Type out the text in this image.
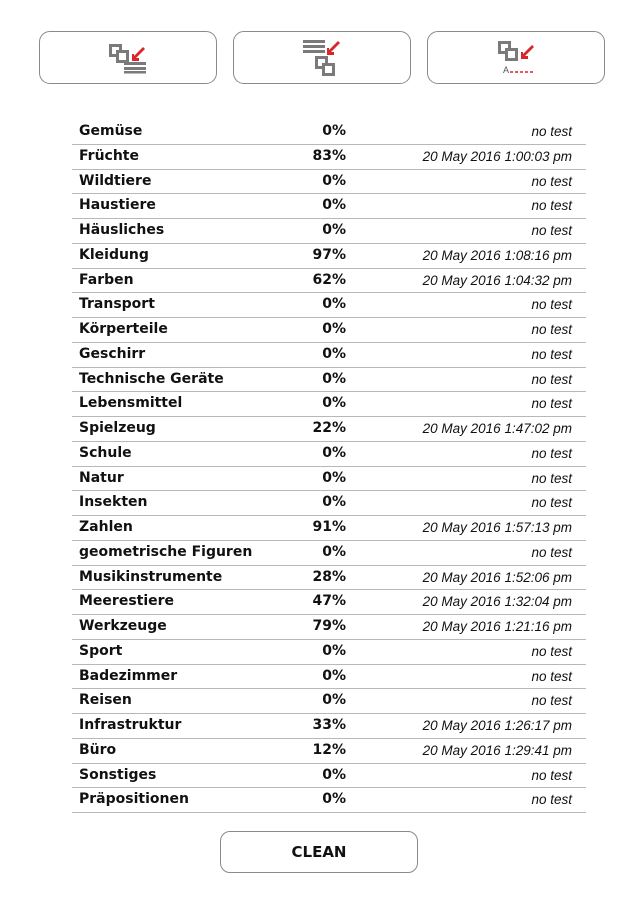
A
Gemüse	0%	no test
Früchte	83%	20 May 2016 1:00:03 pm
Wildtiere	0%	no test
Haustiere	0%	no test
Häusliches	0%	no test
Kleidung	97%	20 May 2016 1:08:16 pm
Farben	62%	20 May 2016 1:04:32 pm
Transport	0%	no test
Körperteile	0%	no test
Geschirr	0%	no test
Technische Geräte	0%	no test
Lebensmittel	0%	no test
Spielzeug	22%	20 May 2016 1:47:02 pm
Schule	0%	no test
Natur	0%	no test
Insekten	0%	no test
Zahlen	91%	20 May 2016 1:57:13 pm
geometrische Figuren	0%	no test
Musikinstrumente	28%	20 May 2016 1:52:06 pm
Meerestiere	47%	20 May 2016 1:32:04 pm
Werkzeuge	79%	20 May 2016 1:21:16 pm
Sport	0%	no test
Badezimmer	0%	no test
Reisen	0%	no test
Infrastruktur	33%	20 May 2016 1:26:17 pm
Büro	12%	20 May 2016 1:29:41 pm
Sonstiges	0%	no test
Präpositionen	0%	no test
CLEAN
